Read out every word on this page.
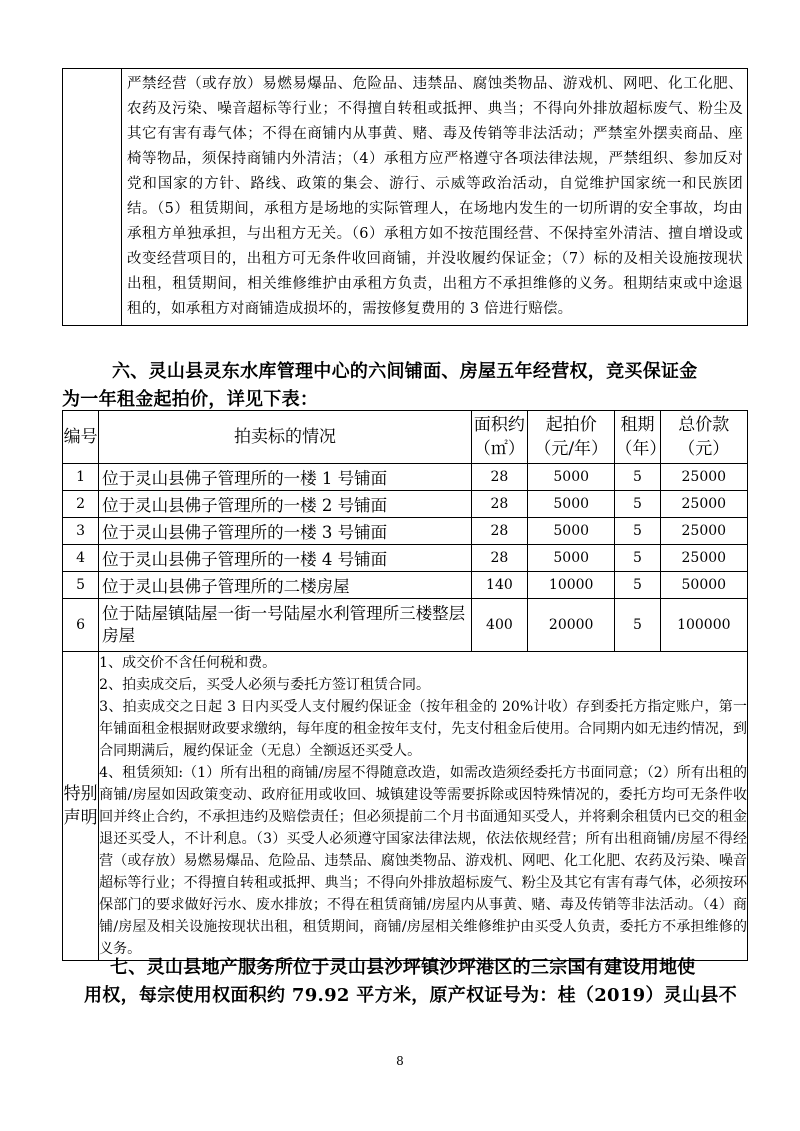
严禁经营（或存放）易燃易爆品、危险品、违禁品、腐蚀类物品、游戏机、网吧、化工化肥、农药及污染、噪音超标等行业；不得擅自转租或抵押、典当；不得向外排放超标废气、粉尘及其它有害有毒气体；不得在商铺内从事黄、赌、毒及传销等非法活动；严禁室外摆卖商品、座椅等物品，须保持商铺内外清洁；（4）承租方应严格遵守各项法律法规，严禁组织、参加反对党和国家的方针、路线、政策的集会、游行、示威等政治活动，自觉维护国家统一和民族团结。（5）租赁期间，承租方是场地的实际管理人，在场地内发生的一切所谓的安全事故，均由承租方单独承担，与出租方无关。（6）承租方如不按范围经营、不保持室外清洁、擅自增设或改变经营项目的，出租方可无条件收回商铺，并没收履约保证金；（7）标的及相关设施按现状出租，租赁期间，相关维修维护由承租方负责，出租方不承担维修的义务。租期结束或中途退租的，如承租方对商铺造成损坏的，需按修复费用的 3 倍进行赔偿。
六、灵山县灵东水库管理中心的六间铺面、房屋五年经营权，竞买保证金
为一年租金起拍价，详见下表：
编号	拍卖标的情况	面积约（㎡）	起拍价（元/年）	租期（年）	总价款（元）
1	位于灵山县佛子管理所的一楼 1 号铺面	28	5000	5	25000
2	位于灵山县佛子管理所的一楼 2 号铺面	28	5000	5	25000
3	位于灵山县佛子管理所的一楼 3 号铺面	28	5000	5	25000
4	位于灵山县佛子管理所的一楼 4 号铺面	28	5000	5	25000
5	位于灵山县佛子管理所的二楼房屋	140	10000	5	50000
6	位于陆屋镇陆屋一街一号陆屋水利管理所三楼整层房屋	400	20000	5	100000
特别声明	1、成交价不含任何税和费。

2、拍卖成交后，买受人必须与委托方签订租赁合同。

3、拍卖成交之日起 3 日内买受人支付履约保证金（按年租金的 20%计收）存到委托方指定账户，第一年铺面租金根据财政要求缴纳，每年度的租金按年支付，先支付租金后使用。合同期内如无违约情况，到合同期满后，履约保证金（无息）全额返还买受人。

4、租赁须知:（1）所有出租的商铺/房屋不得随意改造，如需改造须经委托方书面同意；（2）所有出租的商铺/房屋如因政策变动、政府征用或收回、城镇建设等需要拆除或因特殊情况的，委托方均可无条件收回并终止合约，不承担违约及赔偿责任；但必须提前二个月书面通知买受人，并将剩余租赁内已交的租金退还买受人，不计利息。（3）买受人必须遵守国家法律法规，依法依规经营；所有出租商铺/房屋不得经营（或存放）易燃易爆品、危险品、违禁品、腐蚀类物品、游戏机、网吧、化工化肥、农药及污染、噪音超标等行业；不得擅自转租或抵押、典当；不得向外排放超标废气、粉尘及其它有害有毒气体，必须按环保部门的要求做好污水、废水排放；不得在租赁商铺/房屋内从事黄、赌、毒及传销等非法活动。（4）商铺/房屋及相关设施按现状出租，租赁期间，商铺/房屋相关维修维护由买受人负责，委托方不承担维修的义务。				

七、灵山县地产服务所位于灵山县沙坪镇沙坪港区的三宗国有建设用地使
用权，每宗使用权面积约 79.92 平方米，原产权证号为：桂（2019）灵山县不
8
